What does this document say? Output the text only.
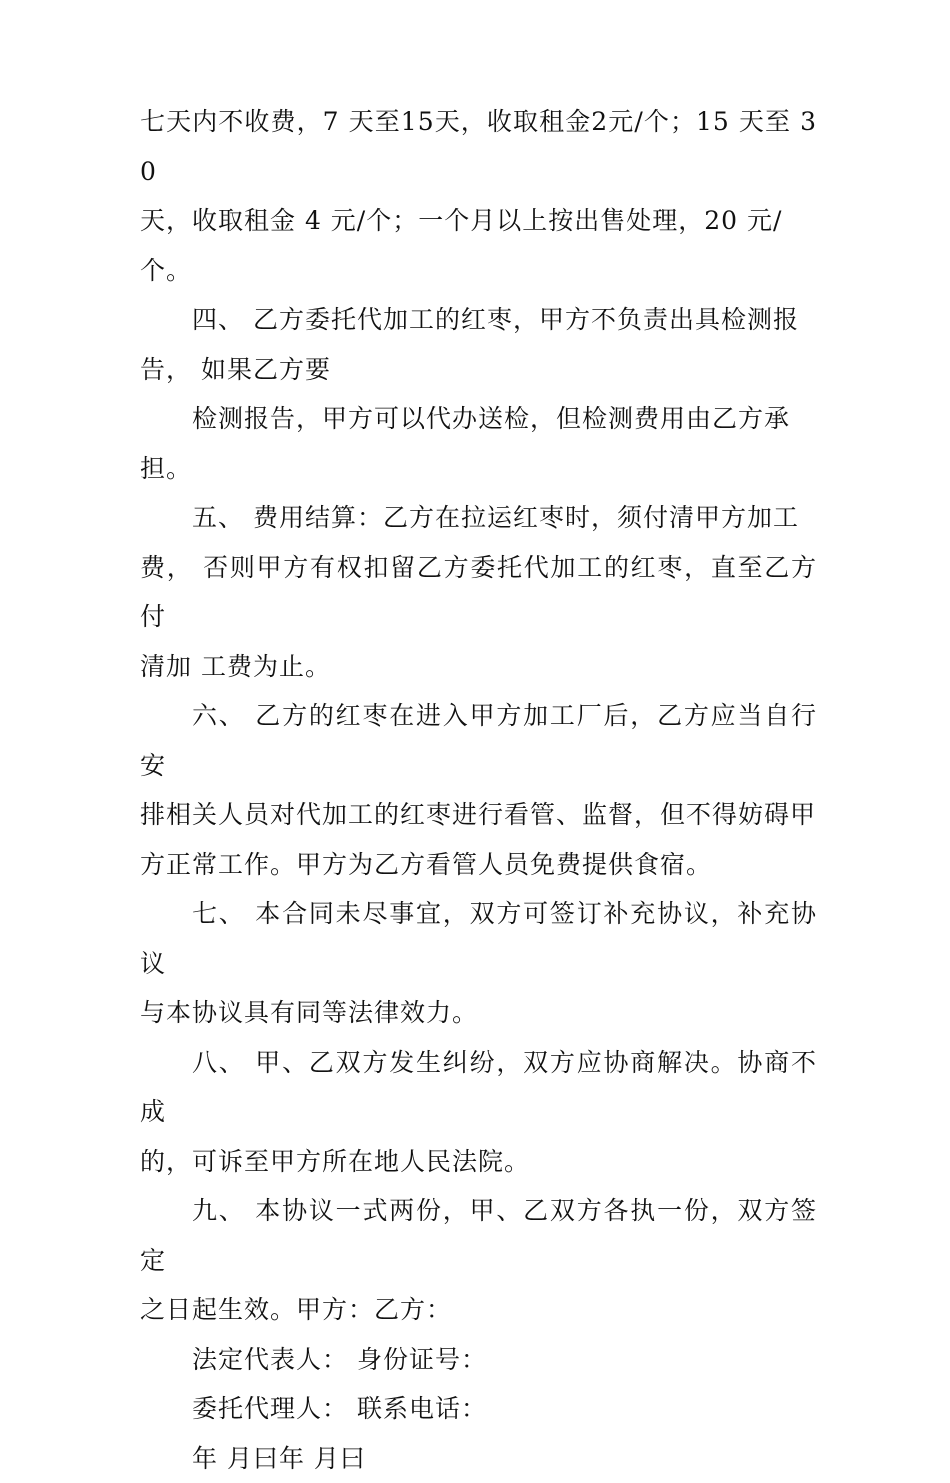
七天内不收费，7 天至15天，收取租金2元/个；15 天至 30
天，收取租金 4 元/个；一个月以上按出售处理，20 元/
个。

四、 乙方委托代加工的红枣，甲方不负责出具检测报
告， 如果乙方要
检测报告，甲方可以代办送检，但检测费用由乙方承
担。

五、 费用结算：乙方在拉运红枣时，须付清甲方加工
费， 否则甲方有权扣留乙方委托代加工的红枣，直至乙方付
清加 工费为止。

六、 乙方的红枣在进入甲方加工厂后，乙方应当自行安
排相关人员对代加工的红枣进行看管、监督，但不得妨碍甲
方正常工作。甲方为乙方看管人员免费提供食宿。

七、 本合同未尽事宜，双方可签订补充协议，补充协议
与本协议具有同等法律效力。

八、 甲、乙双方发生纠纷，双方应协商解决。协商不成
的，可诉至甲方所在地人民法院。

九、 本协议一式两份，甲、乙双方各执一份，双方签定
之日起生效。甲方：乙方：

法定代表人： 身份证号：
委托代理人： 联系电话：
年 月曰年 月曰
